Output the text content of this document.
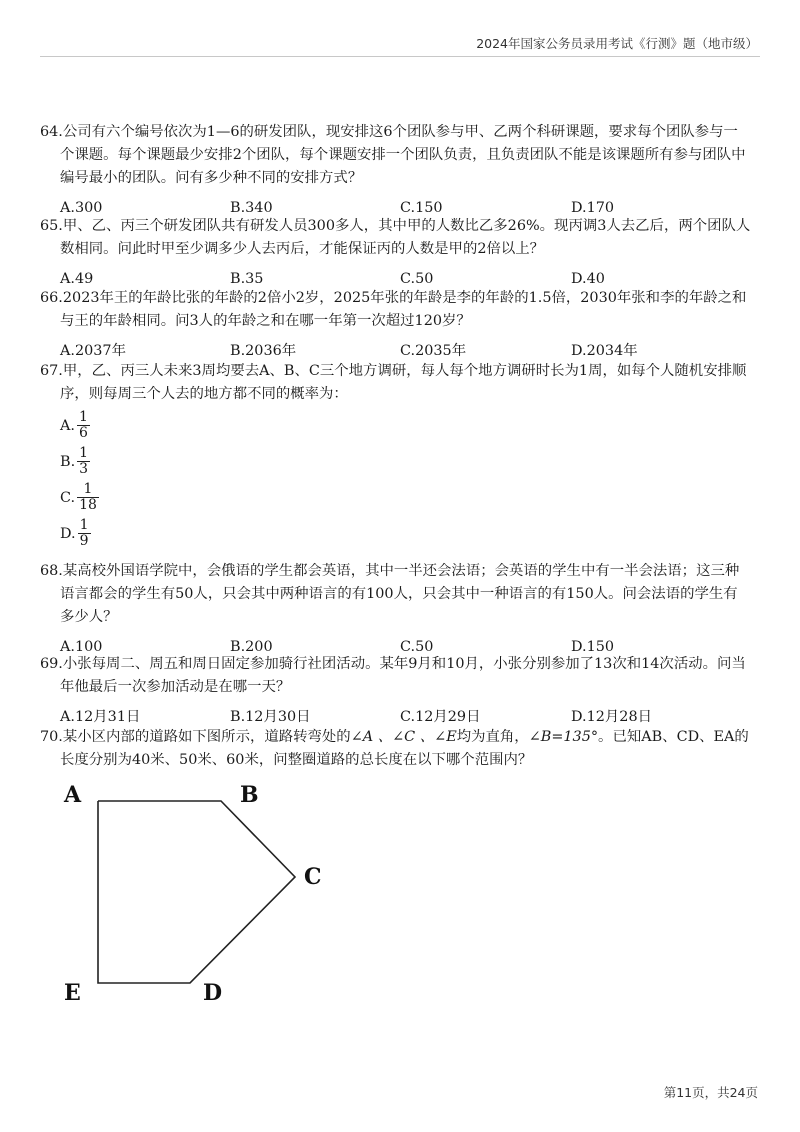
2024年国家公务员录用考试《行测》题（地市级）

64.公司有六个编号依次为1—6的研发团队，现安排这6个团队参与甲、乙两个科研课题，要求每个团队参与一个课题。每个课题最少安排2个团队，每个课题安排一个团队负责，且负责团队不能是该课题所有参与团队中编号最小的团队。问有多少种不同的安排方式？

A.300	B.340	C.150	D.170

65.甲、乙、丙三个研发团队共有研发人员300多人，其中甲的人数比乙多26%。现丙调3人去乙后，两个团队人数相同。问此时甲至少调多少人去丙后，才能保证丙的人数是甲的2倍以上？

A.49	B.35	C.50	D.40

66.2023年王的年龄比张的年龄的2倍小2岁，2025年张的年龄是李的年龄的1.5倍，2030年张和李的年龄之和与王的年龄相同。问3人的年龄之和在哪一年第一次超过120岁？

A.2037年	B.2036年	C.2035年	D.2034年

67.甲，乙、丙三人未来3周均要去A、B、C三个地方调研，每人每个地方调研时长为1周，如每个人随机安排顺序，则每周三个人去的地方都不同的概率为：

A. $\frac{1}{6}$
B. $\frac{1}{3}$
C. $\frac{1}{18}$
D. $\frac{1}{9}$

68.某高校外国语学院中，会俄语的学生都会英语，其中一半还会法语；会英语的学生中有一半会法语；这三种语言都会的学生有50人，只会其中两种语言的有100人，只会其中一种语言的有150人。问会法语的学生有多少人？

A.100	B.200	C.50	D.150

69.小张每周二、周五和周日固定参加骑行社团活动。某年9月和10月，小张分别参加了13次和14次活动。问当年他最后一次参加活动是在哪一天？

A.12月31日	B.12月30日	C.12月29日	D.12月28日

70.某小区内部的道路如下图所示，道路转弯处的∠A 、∠C 、∠E均为直角，∠B=135°。已知AB、CD、EA的长度分别为40米、50米、60米，问整圈道路的总长度在以下哪个范围内？

A	B
C
D
E
第11页，共24页
